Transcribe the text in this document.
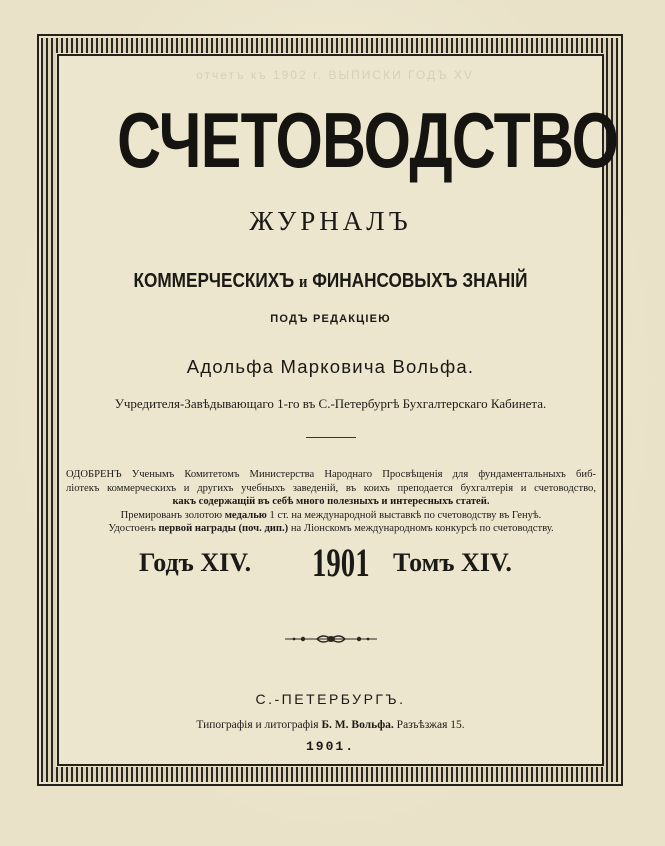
отчетъ къ 1902 г. ВЫПИСКИ ГОДЪ XV
СЧЕТОВОДСТВО
ЖУРНАЛЪ
КОММЕРЧЕСКИХЪ и ФИНАНСОВЫХЪ ЗНАНІЙ
ПОДЪ РЕДАКЦІЕЮ
Адольфа Марковича Вольфа.
Учредителя-Завѣдывающаго 1-го въ С.-Петербургѣ Бухгалтерскаго Кабинета.
ОДОБРЕНЪ Ученымъ Комитетомъ Министерства Народнаго Просвѣщенія для фундаментальныхъ биб-
ліотекъ коммерческихъ и другихъ учебныхъ заведеній, въ коихъ преподается бухгалтерія и счетоводство,
какъ содержащій въ себѣ много полезныхъ и интересныхъ статей.
Премированъ золотою медалью 1 ст. на международной выставкѣ по счетоводству въ Генуѣ.
Удостоенъ первой награды (поч. дип.) на Ліонскомъ международномъ конкурсѣ по счетоводству.
Годъ XIV. 1901 Томъ XIV.
С.-ПЕТЕРБУРГЪ.
Типографія и литографія Б. М. Вольфа. Разъѣзжая 15.
1901.
